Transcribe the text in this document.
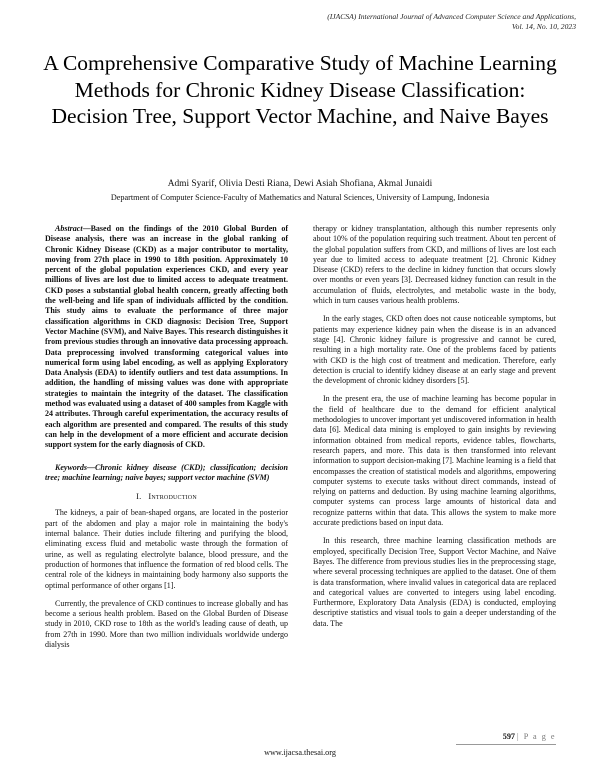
(IJACSA) International Journal of Advanced Computer Science and Applications,
Vol. 14, No. 10, 2023
A Comprehensive Comparative Study of Machine Learning Methods for Chronic Kidney Disease Classification: Decision Tree, Support Vector Machine, and Naive Bayes
Admi Syarif, Olivia Desti Riana, Dewi Asiah Shofiana, Akmal Junaidi
Department of Computer Science-Faculty of Mathematics and Natural Sciences, University of Lampung, Indonesia

Abstract—Based on the findings of the 2010 Global Burden of Disease analysis, there was an increase in the global ranking of Chronic Kidney Disease (CKD) as a major contributor to mortality, moving from 27th place in 1990 to 18th position. Approximately 10 percent of the global population experiences CKD, and every year millions of lives are lost due to limited access to adequate treatment. CKD poses a substantial global health concern, greatly affecting both the well-being and life span of individuals afflicted by the condition. This study aims to evaluate the performance of three major classification algorithms in CKD diagnosis: Decision Tree, Support Vector Machine (SVM), and Naïve Bayes. This research distinguishes it from previous studies through an innovative data processing approach. Data preprocessing involved transforming categorical values into numerical form using label encoding, as well as applying Exploratory Data Analysis (EDA) to identify outliers and test data assumptions. In addition, the handling of missing values was done with appropriate strategies to maintain the integrity of the dataset. The classification method was evaluated using a dataset of 400 samples from Kaggle with 24 attributes. Through careful experimentation, the accuracy results of each algorithm are presented and compared. The results of this study can help in the development of a more efficient and accurate decision support system for the early diagnosis of CKD.

Keywords—Chronic kidney disease (CKD); classification; decision tree; machine learning; naive bayes; support vector machine (SVM)

I. Introduction

The kidneys, a pair of bean-shaped organs, are located in the posterior part of the abdomen and play a major role in maintaining the body's internal balance. Their duties include filtering and purifying the blood, eliminating excess fluid and metabolic waste through the formation of urine, as well as regulating electrolyte balance, blood pressure, and the production of hormones that influence the formation of red blood cells. The central role of the kidneys in maintaining body harmony also supports the optimal performance of other organs [1].

Currently, the prevalence of CKD continues to increase globally and has become a serious health problem. Based on the Global Burden of Disease study in 2010, CKD rose to 18th as the world's leading cause of death, up from 27th in 1990. More than two million individuals worldwide undergo dialysis

therapy or kidney transplantation, although this number represents only about 10% of the population requiring such treatment. About ten percent of the global population suffers from CKD, and millions of lives are lost each year due to limited access to adequate treatment [2]. Chronic Kidney Disease (CKD) refers to the decline in kidney function that occurs slowly over months or even years [3]. Decreased kidney function can result in the accumulation of fluids, electrolytes, and metabolic waste in the body, which in turn causes various health problems.

In the early stages, CKD often does not cause noticeable symptoms, but patients may experience kidney pain when the disease is in an advanced stage [4]. Chronic kidney failure is progressive and cannot be cured, resulting in a high mortality rate. One of the problems faced by patients with CKD is the high cost of treatment and medication. Therefore, early detection is crucial to identify kidney disease at an early stage and prevent the development of chronic kidney disorders [5].

In the present era, the use of machine learning has become popular in the field of healthcare due to the demand for efficient analytical methodologies to uncover important yet undiscovered information in health data [6]. Medical data mining is employed to gain insights by reviewing information obtained from medical reports, evidence tables, flowcharts, research papers, and more. This data is then transformed into relevant information to support decision-making [7]. Machine learning is a field that encompasses the creation of statistical models and algorithms, empowering computer systems to execute tasks without direct commands, instead of relying on patterns and deduction. By using machine learning algorithms, computer systems can process large amounts of historical data and recognize patterns within that data. This allows the system to make more accurate predictions based on input data.

In this research, three machine learning classification methods are employed, specifically Decision Tree, Support Vector Machine, and Naïve Bayes. The difference from previous studies lies in the preprocessing stage, where several processing techniques are applied to the dataset. One of them is data transformation, where invalid values in categorical data are replaced and categorical values are converted to integers using label encoding. Furthermore, Exploratory Data Analysis (EDA) is conducted, employing descriptive statistics and visual tools to gain a deeper understanding of the data. The

597 | P a g e
www.ijacsa.thesai.org
